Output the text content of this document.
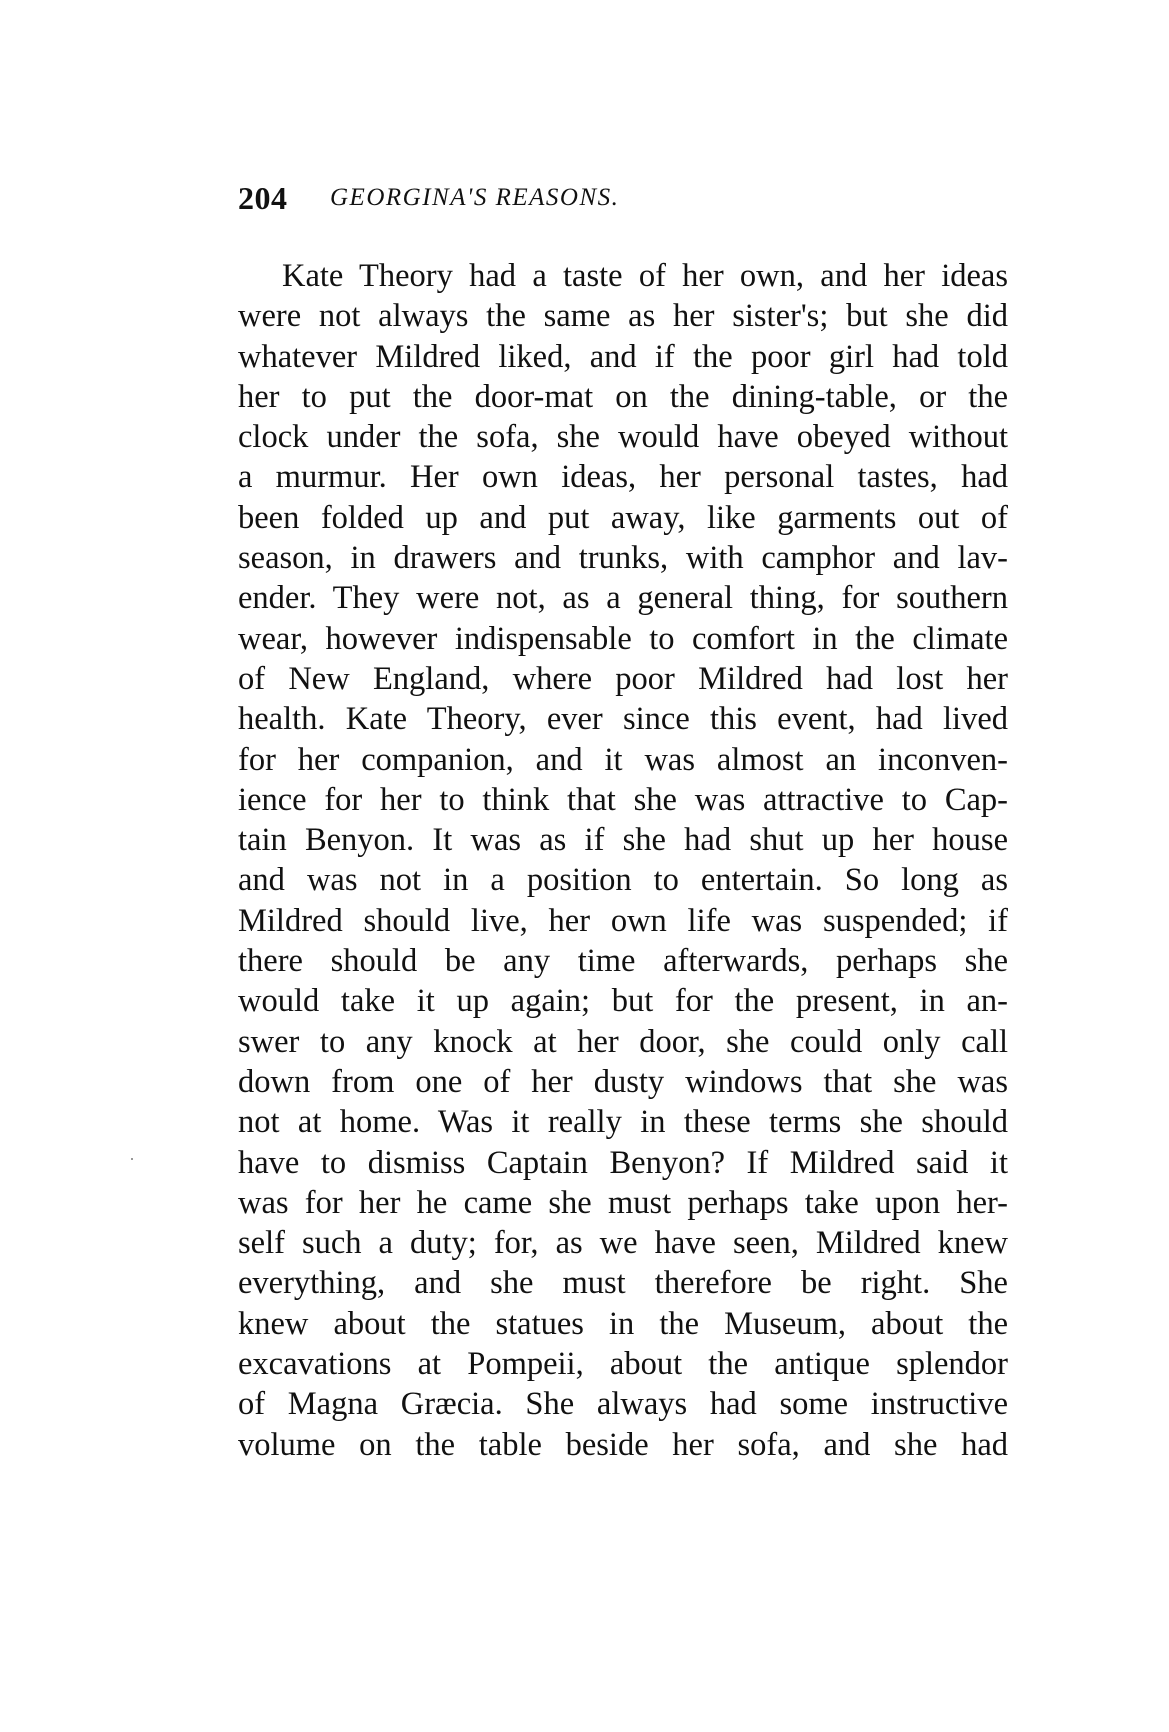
204 GEORGINA'S REASONS.
Kate Theory had a taste of her own, and her ideas
were not always the same as her sister's; but she did
whatever Mildred liked, and if the poor girl had told
her to put the door-mat on the dining-table, or the
clock under the sofa, she would have obeyed without
a murmur. Her own ideas, her personal tastes, had
been folded up and put away, like garments out of
season, in drawers and trunks, with camphor and lav-
ender. They were not, as a general thing, for southern
wear, however indispensable to comfort in the climate
of New England, where poor Mildred had lost her
health. Kate Theory, ever since this event, had lived
for her companion, and it was almost an inconven-
ience for her to think that she was attractive to Cap-
tain Benyon. It was as if she had shut up her house
and was not in a position to entertain. So long as
Mildred should live, her own life was suspended; if
there should be any time afterwards, perhaps she
would take it up again; but for the present, in an-
swer to any knock at her door, she could only call
down from one of her dusty windows that she was
not at home. Was it really in these terms she should
have to dismiss Captain Benyon? If Mildred said it
was for her he came she must perhaps take upon her-
self such a duty; for, as we have seen, Mildred knew
everything, and she must therefore be right. She
knew about the statues in the Museum, about the
excavations at Pompeii, about the antique splendor
of Magna Græcia. She always had some instructive
volume on the table beside her sofa, and she had
